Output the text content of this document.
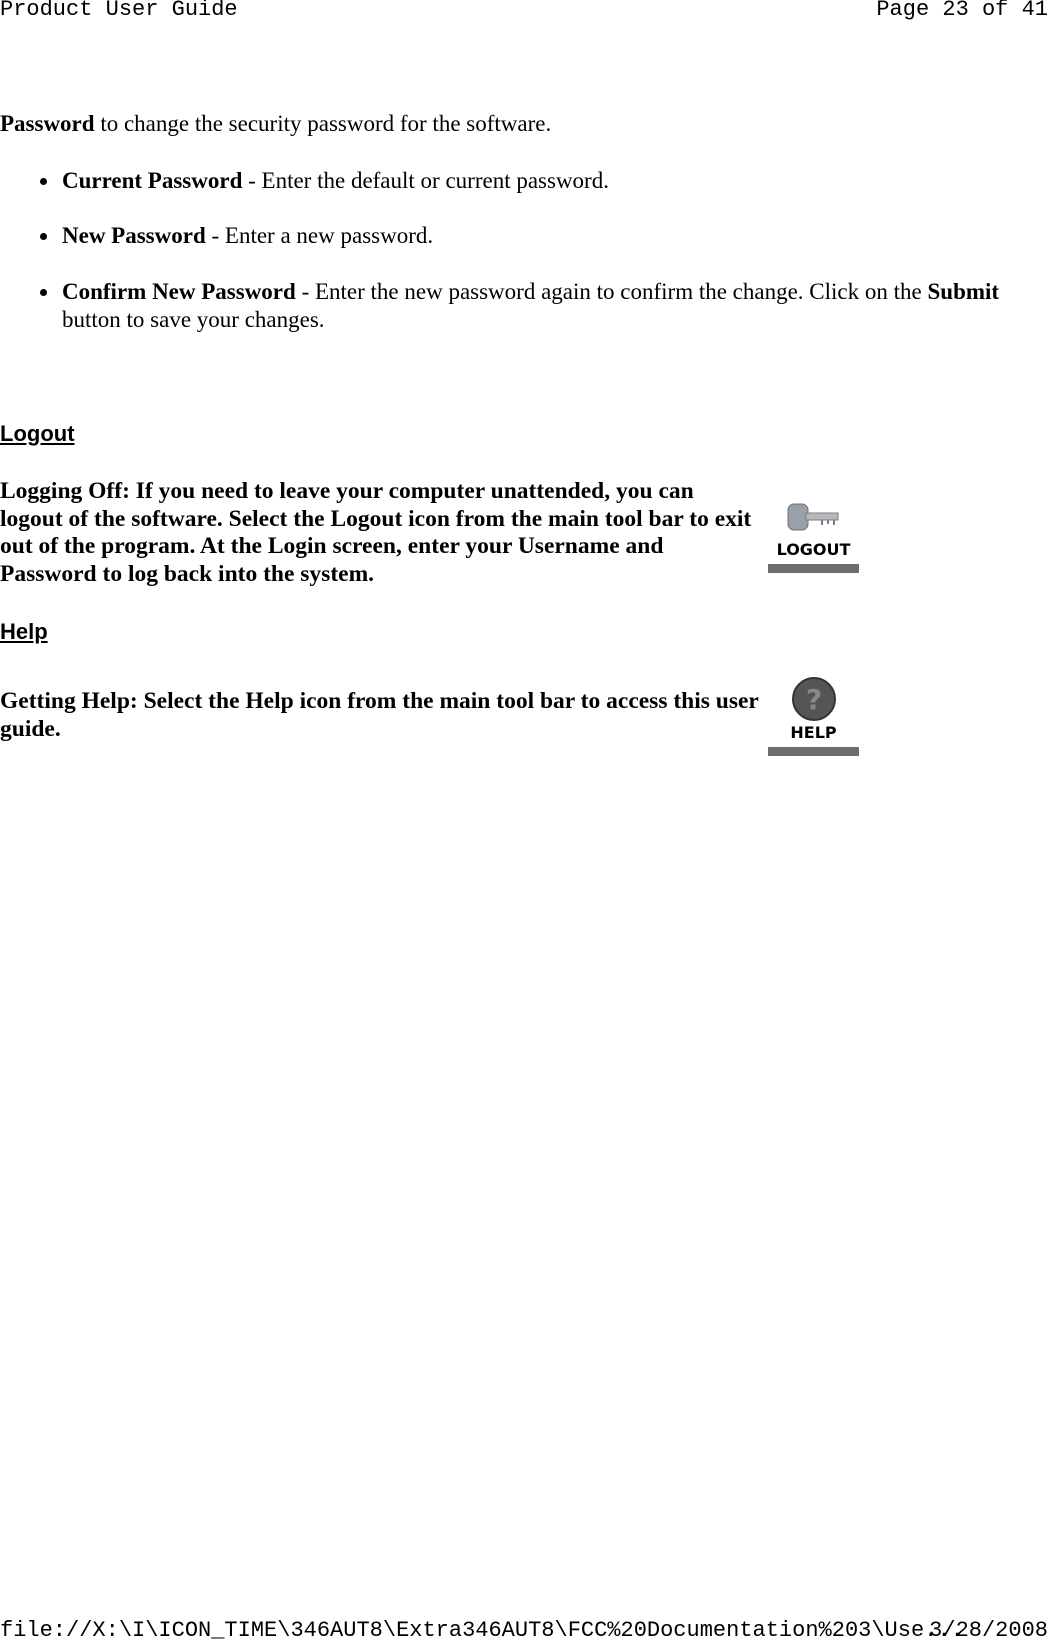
Product User Guide	Page 23 of 41
Password to change the security password for the software.
Current Password - Enter the default or current password.
New Password - Enter a new password.
Confirm New Password - Enter the new password again to confirm the change. Click on the Submit button to save your changes.
Logout
Logging Off: If you need to leave your computer unattended, you can logout of the software. Select the Logout icon from the main tool bar to exit out of the program. At the Login screen, enter your Username and Password to log back into the system.
LOGOUT
Help
Getting Help: Select the Help icon from the main tool bar to access this user guide.
?
HELP
file://X:\I\ICON_TIME\346AUT8\Extra346AUT8\FCC%20Documentation%203\Use...
3/28/2008
